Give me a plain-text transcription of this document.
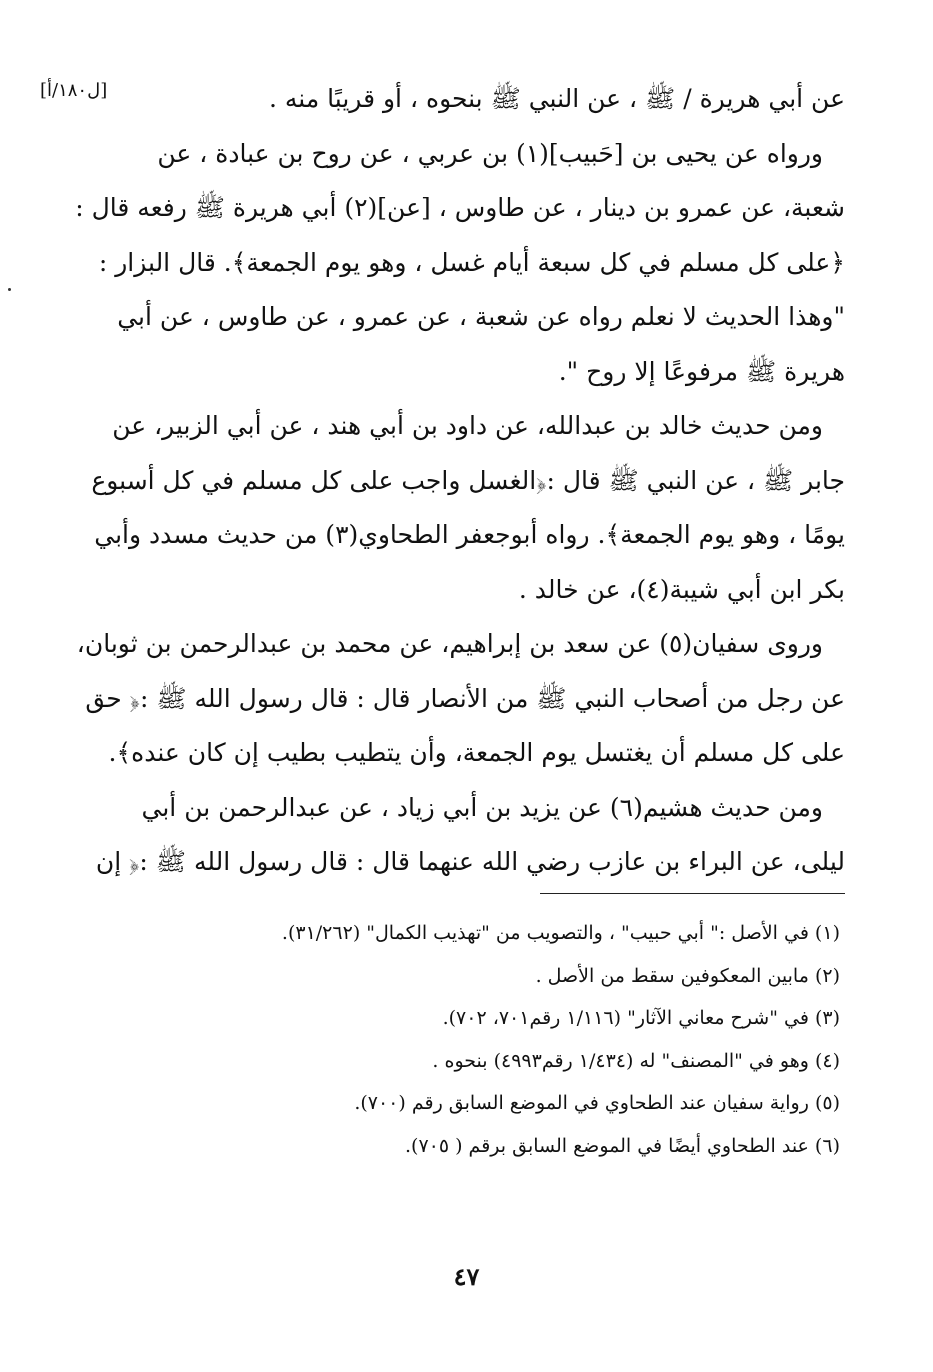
[ل١٨٠/أ]	عن أبي هريرة / ﷺ ، عن النبي ﷺ بنحوه ، أو قريبًا منه .
ورواه عن يحيى بن [حَبيب](١) بن عربي ، عن روح بن عبادة ، عن
شعبة، عن عمرو بن دينار ، عن طاوس ، [عن](٢) أبي هريرة ﷺ رفعه قال :
﴿على كل مسلم في كل سبعة أيام غسل ، وهو يوم الجمعة﴾. قال البزار :
"وهذا الحديث لا نعلم رواه عن شعبة ، عن عمرو ، عن طاوس ، عن أبي
هريرة ﷺ مرفوعًا إلا روح ".

ومن حديث خالد بن عبدالله، عن داود بن أبي هند ، عن أبي الزبير، عن
جابر ﷺ ، عن النبي ﷺ قال :﴿الغسل واجب على كل مسلم في كل أسبوع
يومًا ، وهو يوم الجمعة﴾. رواه أبوجعفر الطحاوي(٣) من حديث مسدد وأبي
بكر ابن أبي شيبة(٤)، عن خالد .

وروى سفيان(٥) عن سعد بن إبراهيم، عن محمد بن عبدالرحمن بن ثوبان،
عن رجل من أصحاب النبي ﷺ من الأنصار قال : قال رسول الله ﷺ :﴿ حق
على كل مسلم أن يغتسل يوم الجمعة، وأن يتطيب بطيب إن كان عنده﴾.

ومن حديث هشيم(٦) عن يزيد بن أبي زياد ، عن عبدالرحمن بن أبي
ليلى، عن البراء بن عازب رضي الله عنهما قال : قال رسول الله ﷺ :﴿ إن

(١) في الأصل :" أبي حبيب" ، والتصويب من "تهذيب الكمال" (٣١/٢٦٢).
(٢) مابين المعكوفين سقط من الأصل .
(٣) في "شرح معاني الآثار" (١/١١٦ رقم٧٠١، ٧٠٢).
(٤) وهو في "المصنف" له (١/٤٣٤ رقم٤٩٩٣) بنحوه .
(٥) رواية سفيان عند الطحاوي في الموضع السابق رقم (٧٠٠).
(٦) عند الطحاوي أيضًا في الموضع السابق برقم ( ٧٠٥).
٤٧
